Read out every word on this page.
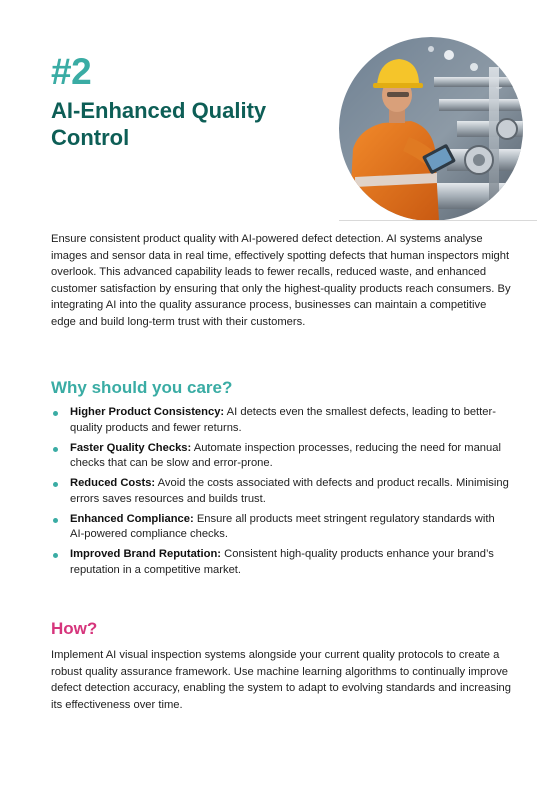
#2
AI-Enhanced Quality Control

Ensure consistent product quality with AI-powered defect detection. AI systems analyse images and sensor data in real time, effectively spotting defects that human inspectors might overlook. This advanced capability leads to fewer recalls, reduced waste, and enhanced customer satisfaction by ensuring that only the highest-quality products reach consumers. By integrating AI into the quality assurance process, businesses can maintain a competitive edge and build long-term trust with their customers.

Why should you care?
Higher Product Consistency: AI detects even the smallest defects, leading to better-quality products and fewer returns.
Faster Quality Checks: Automate inspection processes, reducing the need for manual checks that can be slow and error-prone.
Reduced Costs: Avoid the costs associated with defects and product recalls. Minimising errors saves resources and builds trust.
Enhanced Compliance: Ensure all products meet stringent regulatory standards with AI-powered compliance checks.
Improved Brand Reputation: Consistent high-quality products enhance your brand’s reputation in a competitive market.
How?

Implement AI visual inspection systems alongside your current quality protocols to create a robust quality assurance framework. Use machine learning algorithms to continually improve defect detection accuracy, enabling the system to adapt to evolving standards and increasing its effectiveness over time.
